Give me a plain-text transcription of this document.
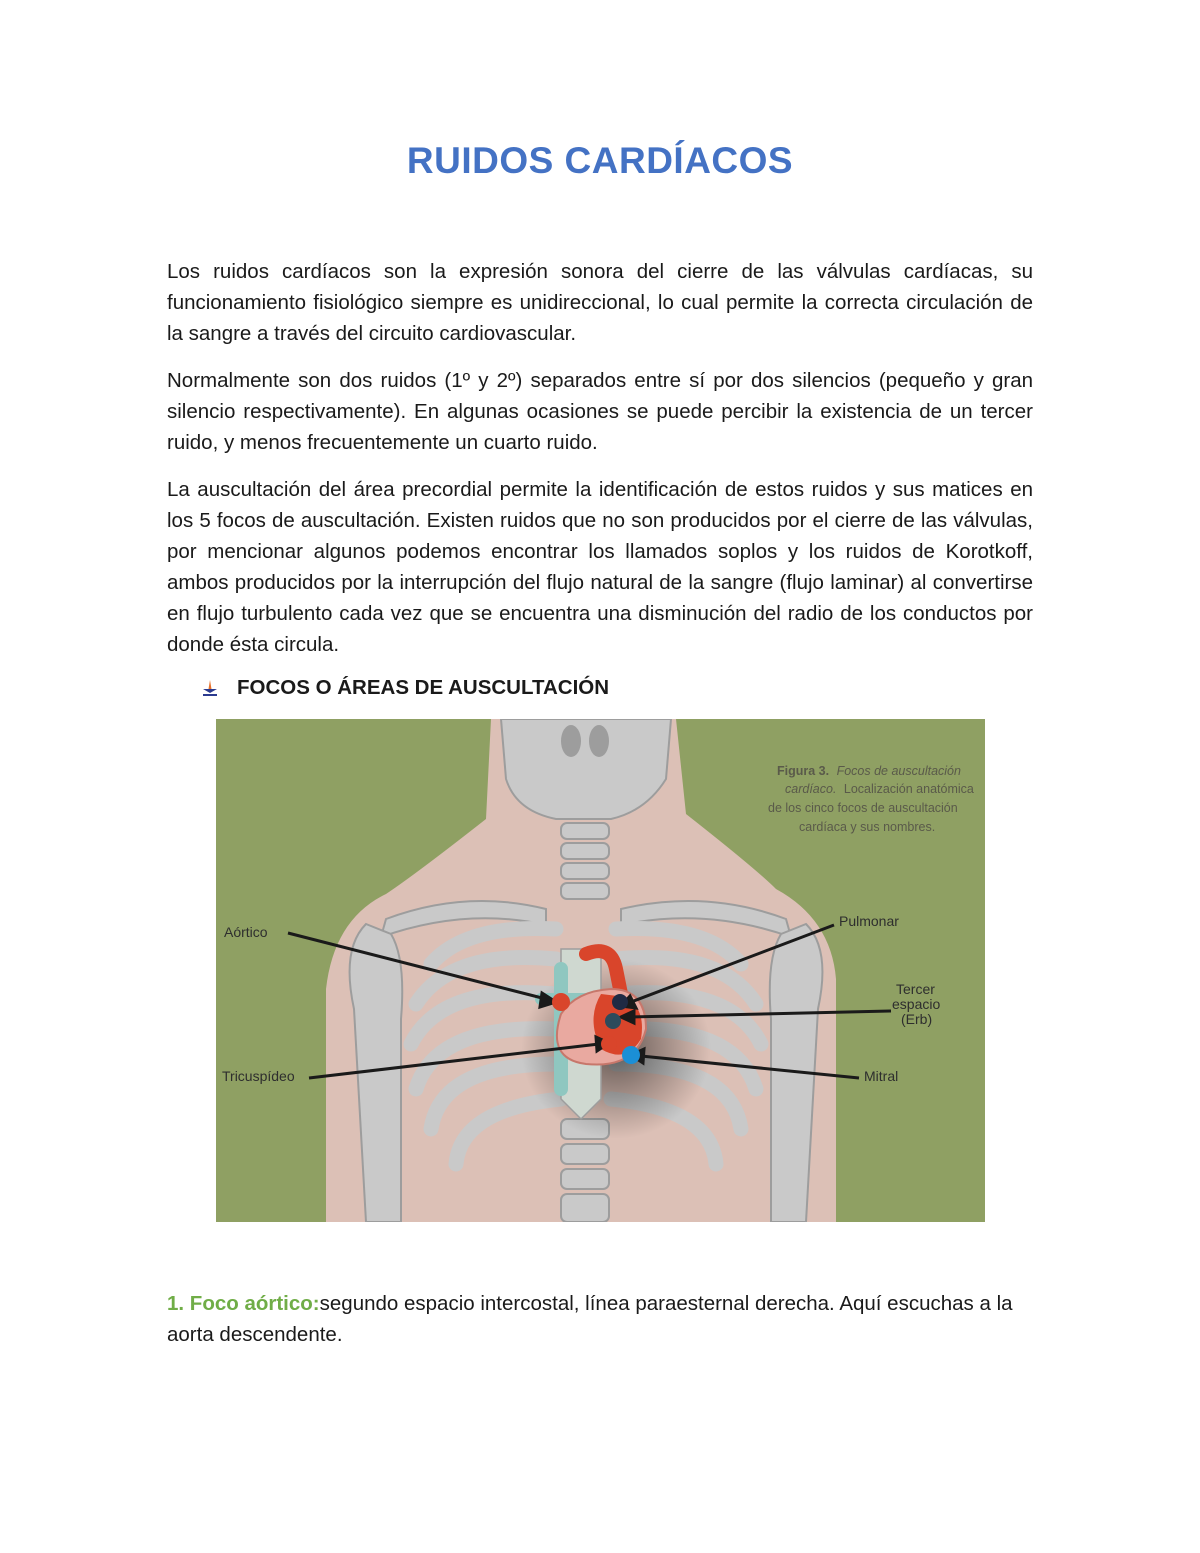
RUIDOS CARDÍACOS
Los ruidos cardíacos son la expresión sonora del cierre de las válvulas cardíacas, su funcionamiento fisiológico siempre es unidireccional, lo cual permite la correcta circulación de la sangre a través del circuito cardiovascular.
Normalmente son dos ruidos (1º y 2º) separados entre sí por dos silencios (pequeño y gran silencio respectivamente). En algunas ocasiones se puede percibir la existencia de un tercer ruido, y menos frecuentemente un cuarto ruido.
La auscultación del área precordial permite la identificación de estos ruidos y sus matices en los 5 focos de auscultación. Existen ruidos que no son producidos por el cierre de las válvulas, por mencionar algunos podemos encontrar los llamados soplos y los ruidos de Korotkoff, ambos producidos por la interrupción del flujo natural de la sangre (flujo laminar) al convertirse en flujo turbulento cada vez que se encuentra una disminución del radio de los conductos por donde ésta circula.
FOCOS O ÁREAS DE AUSCULTACIÓN
Aórtico
Pulmonar
Tercer
espacio
(Erb)
Tricuspídeo	Mitral
Figura 3. Focos de auscultación
cardíaco. Localización anatómica
de los cinco focos de auscultación
cardíaca y sus nombres.
1. Foco aórtico:segundo espacio intercostal, línea paraesternal derecha. Aquí escuchas a la aorta descendente.
